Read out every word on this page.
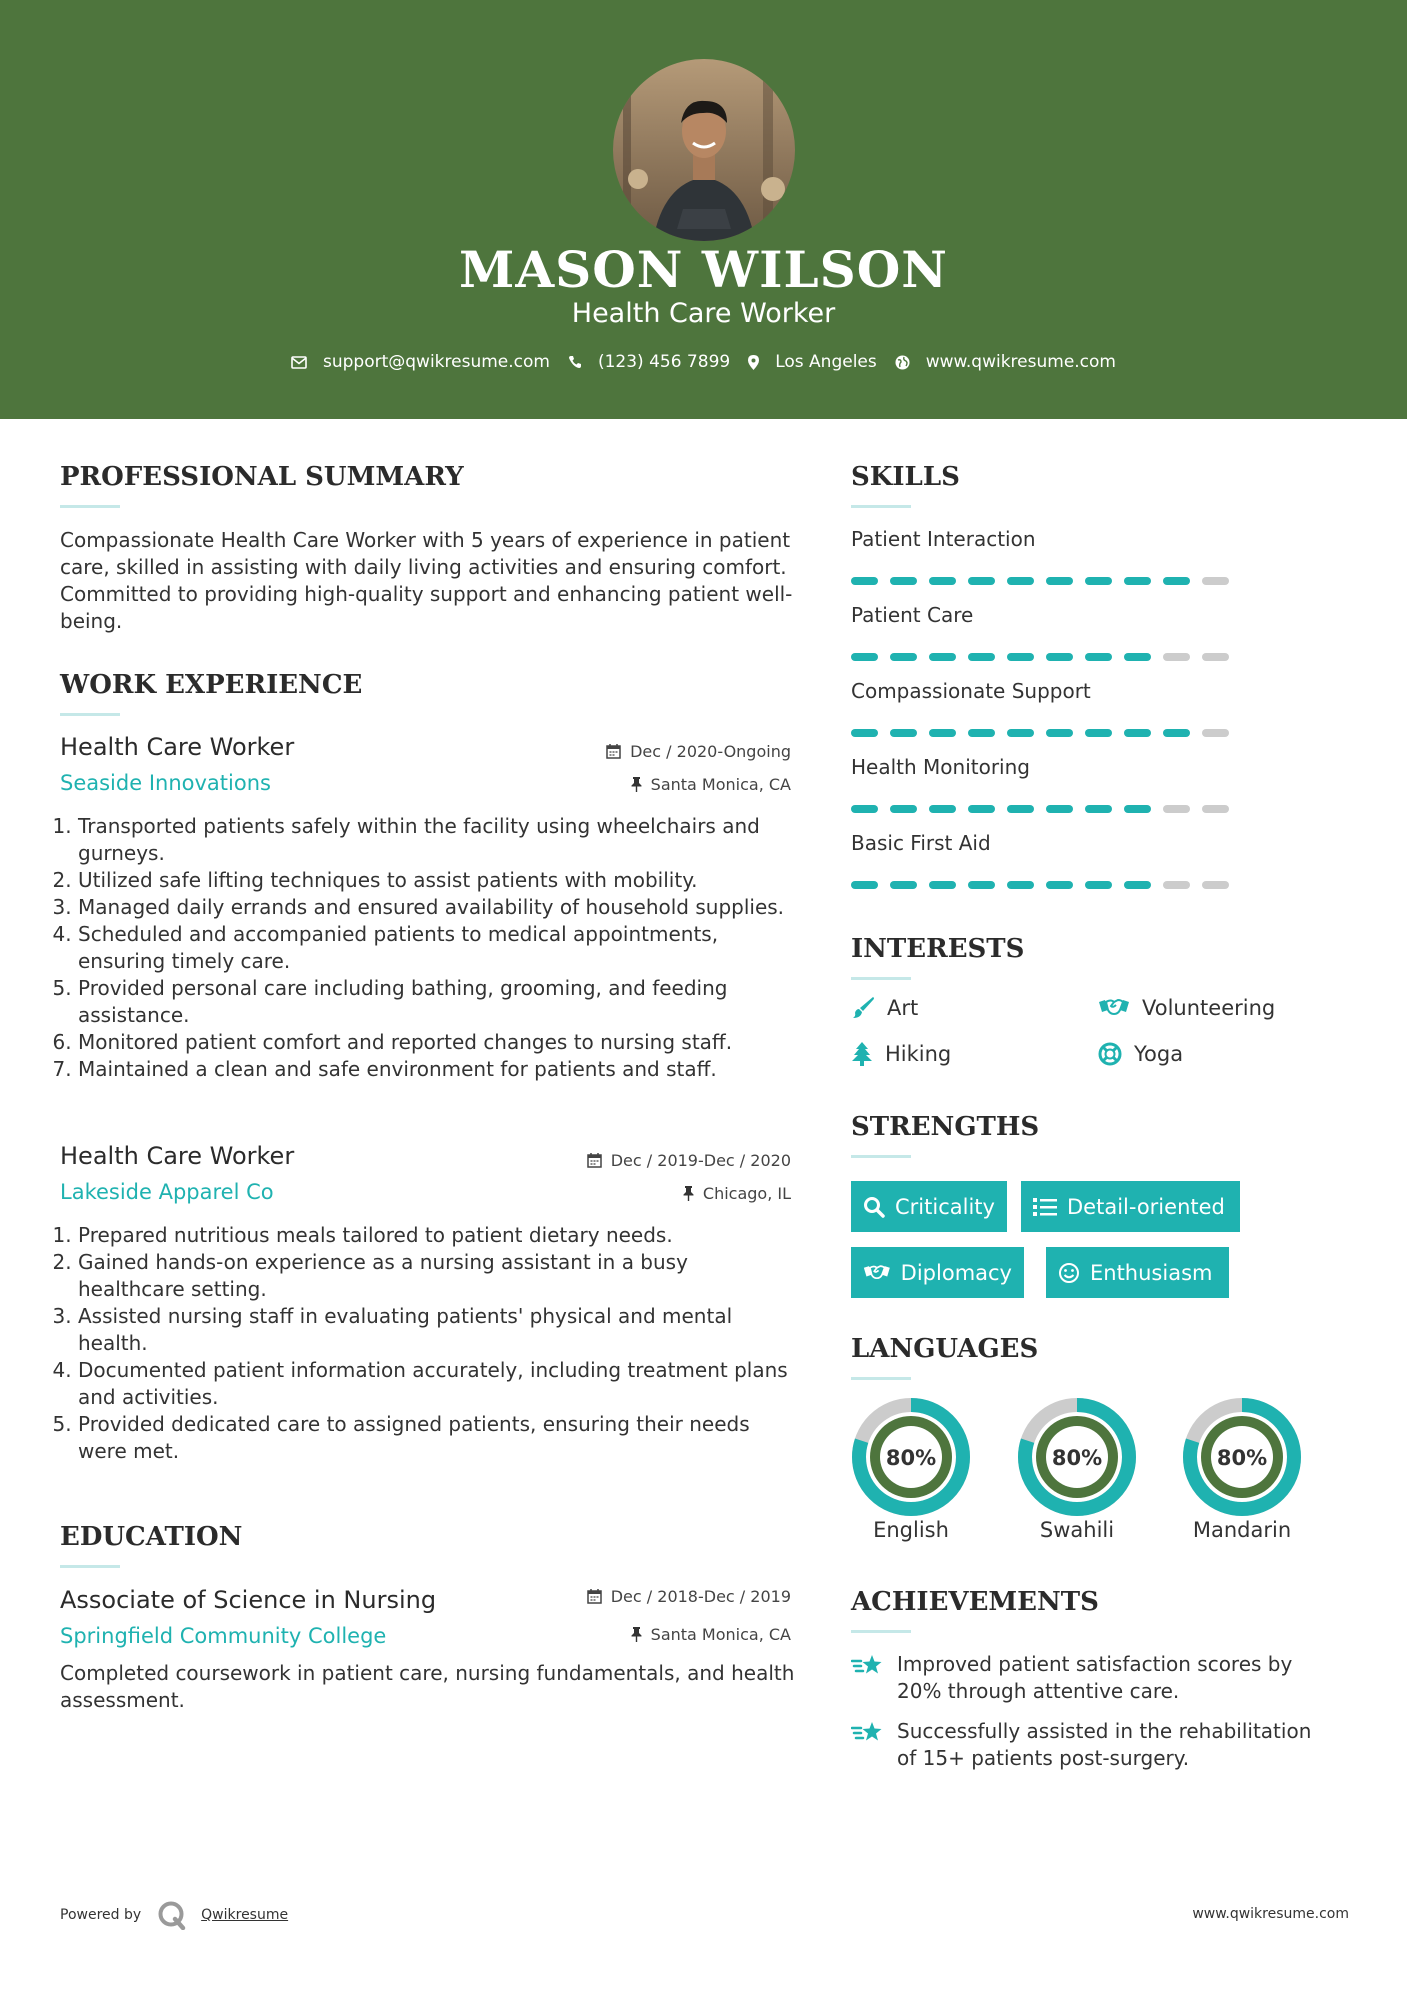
MASON WILSON
Health Care Worker
support@qwikresume.com	(123) 456 7899	Los Angeles	www.qwikresume.com
PROFESSIONAL SUMMARY
Compassionate Health Care Worker with 5 years of experience in patient care, skilled in assisting with daily living activities and ensuring comfort. Committed to providing high-quality support and enhancing patient well-being.
WORK EXPERIENCE
Health Care Worker
Seaside Innovations
Dec / 2020-Ongoing
Santa Monica, CA
1. Transported patients safely within the facility using wheelchairs and gurneys.
2. Utilized safe lifting techniques to assist patients with mobility.
3. Managed daily errands and ensured availability of household supplies.
4. Scheduled and accompanied patients to medical appointments, ensuring timely care.
5. Provided personal care including bathing, grooming, and feeding assistance.
6. Monitored patient comfort and reported changes to nursing staff.
7. Maintained a clean and safe environment for patients and staff.
Health Care Worker
Lakeside Apparel Co
Dec / 2019-Dec / 2020
Chicago, IL
1. Prepared nutritious meals tailored to patient dietary needs.
2. Gained hands-on experience as a nursing assistant in a busy healthcare setting.
3. Assisted nursing staff in evaluating patients' physical and mental health.
4. Documented patient information accurately, including treatment plans and activities.
5. Provided dedicated care to assigned patients, ensuring their needs were met.
EDUCATION
Associate of Science in Nursing
Springfield Community College
Dec / 2018-Dec / 2019
Santa Monica, CA
Completed coursework in patient care, nursing fundamentals, and health assessment.
SKILLS
Patient Interaction
Patient Care
Compassionate Support
Health Monitoring
Basic First Aid
INTERESTS
Art	Volunteering
Hiking	Yoga
STRENGTHS
Criticality	Detail-oriented
Diplomacy	Enthusiasm
LANGUAGES
80%
English
80%
Swahili
80%
Mandarin
ACHIEVEMENTS
Improved patient satisfaction scores by 20% through attentive care.
Successfully assisted in the rehabilitation of 15+ patients post-surgery.
Powered by	Qwikresume	www.qwikresume.com
